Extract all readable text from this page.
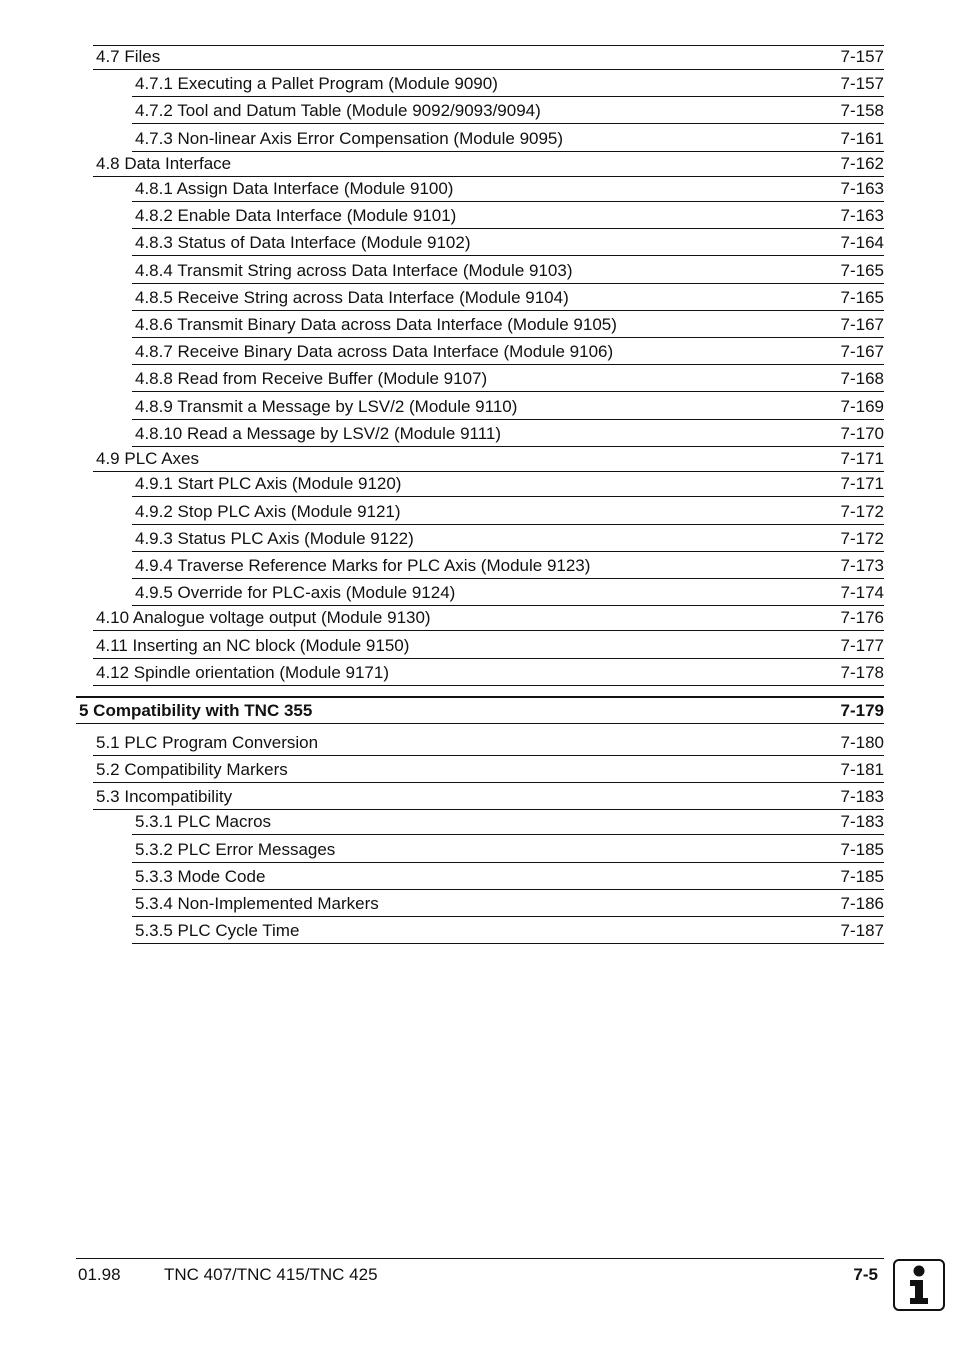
4.7 Files	7-157
4.7.1 Executing a Pallet Program (Module 9090)	7-157
4.7.2 Tool and Datum Table (Module 9092/9093/9094)	7-158
4.7.3 Non-linear Axis Error Compensation (Module 9095)	7-161
4.8 Data Interface	7-162
4.8.1 Assign Data Interface (Module 9100)	7-163
4.8.2 Enable Data Interface (Module 9101)	7-163
4.8.3 Status of Data Interface (Module 9102)	7-164
4.8.4 Transmit String across Data Interface (Module 9103)	7-165
4.8.5 Receive String across Data Interface (Module 9104)	7-165
4.8.6 Transmit Binary Data across Data Interface (Module 9105)	7-167
4.8.7 Receive Binary Data across Data Interface (Module 9106)	7-167
4.8.8 Read from Receive Buffer (Module 9107)	7-168
4.8.9 Transmit a Message by LSV/2 (Module 9110)	7-169
4.8.10 Read a Message by LSV/2 (Module 9111)	7-170
4.9 PLC Axes	7-171
4.9.1 Start PLC Axis (Module 9120)	7-171
4.9.2 Stop PLC Axis (Module 9121)	7-172
4.9.3 Status PLC Axis (Module 9122)	7-172
4.9.4 Traverse Reference Marks for PLC Axis (Module 9123)	7-173
4.9.5 Override for PLC-axis (Module 9124)	7-174
4.10 Analogue voltage output (Module 9130)	7-176
4.11 Inserting an NC block (Module 9150)	7-177
4.12 Spindle orientation (Module 9171)	7-178
5 Compatibility with TNC 355	7-179
5.1 PLC Program Conversion	7-180
5.2 Compatibility Markers	7-181
5.3 Incompatibility	7-183
5.3.1 PLC Macros	7-183
5.3.2 PLC Error Messages	7-185
5.3.3 Mode Code	7-185
5.3.4 Non-Implemented Markers	7-186
5.3.5 PLC Cycle Time	7-187
01.98	TNC 407/TNC 415/TNC 425	7-5
